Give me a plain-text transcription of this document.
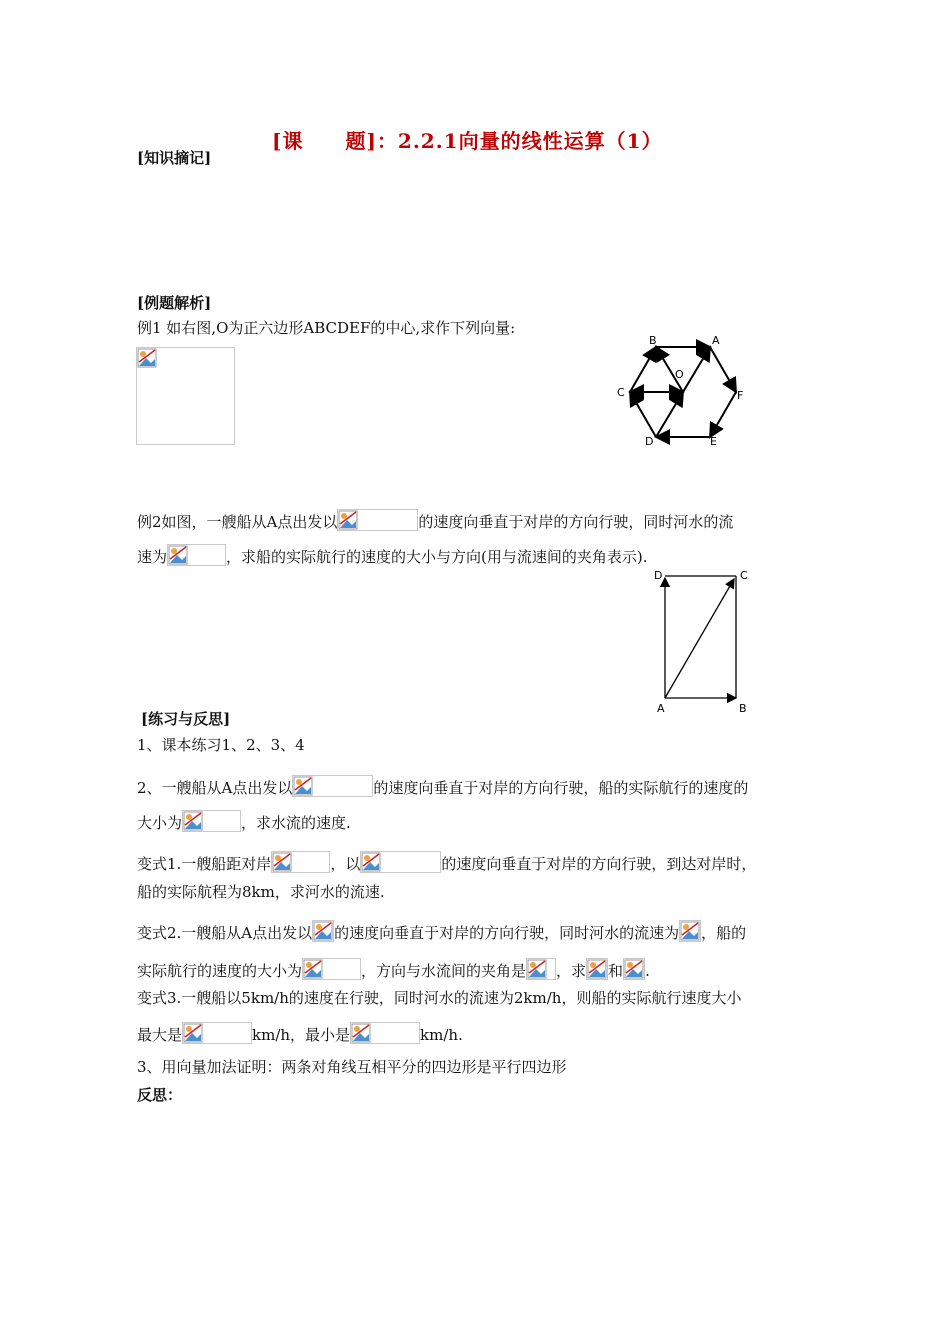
[课　　题]：2.2.1向量的线性运算（1）
[知识摘记]
[例题解析]
例1 如右图,O为正六边形ABCDEF的中心,求作下列向量:
B	A
C	F
O
D	E
例2如图，一艘船从A点出发以	的速度向垂直于对岸的方向行驶，同时河水的流
速为	，求船的实际航行的速度的大小与方向(用与流速间的夹角表示).
D	C
A	B
[练习与反思]
1、课本练习1、2、3、4
2、一艘船从A点出发以	的速度向垂直于对岸的方向行驶，船的实际航行的速度的
大小为	，求水流的速度.
变式1.一艘船距对岸	，以	的速度向垂直于对岸的方向行驶，到达对岸时，
船的实际航程为8km，求河水的流速.
变式2.一艘船从A点出发以 的速度向垂直于对岸的方向行驶，同时河水的流速为 ，船的
实际航行的速度的大小为	，方向与水流间的夹角是 ，求 和 .
变式3.一艘船以5km/h的速度在行驶，同时河水的流速为2km/h，则船的实际航行速度大小
最大是	km/h，最小是	km/h.
3、用向量加法证明：两条对角线互相平分的四边形是平行四边形
反思：
